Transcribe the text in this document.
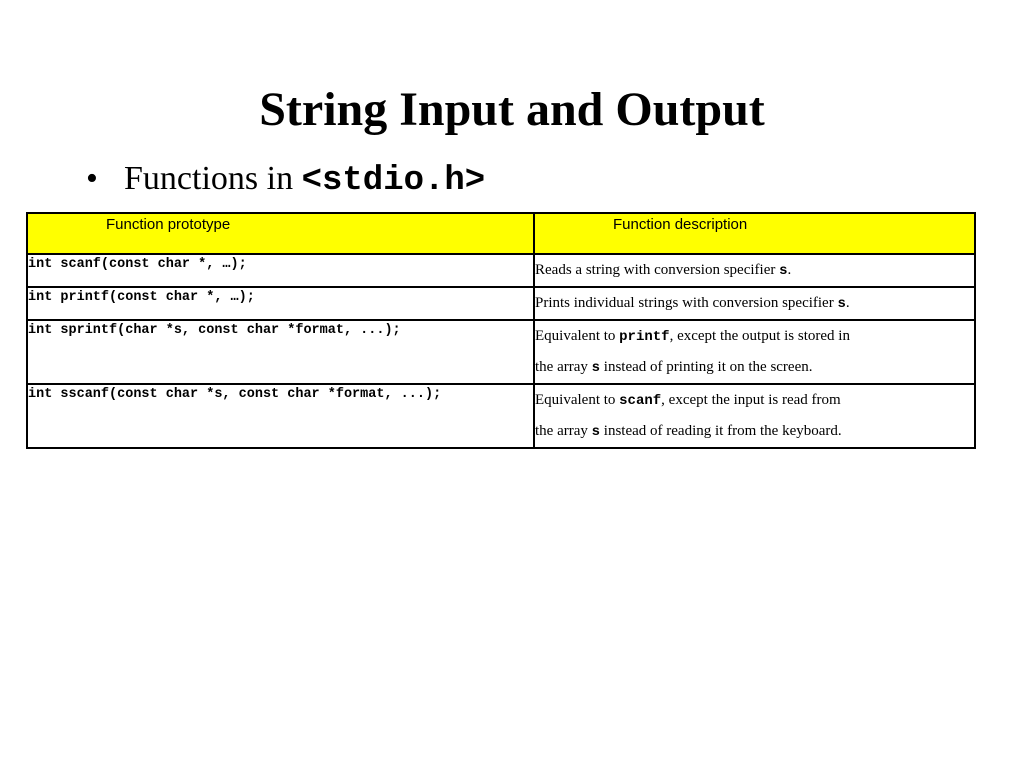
String Input and Output
• Functions in <stdio.h>
Function prototype	Function description
int scanf(const char *, …);	Reads a string with conversion specifier s.
int printf(const char *, …);	Prints individual strings with conversion specifier s.
int sprintf(char *s, const char *format, ...);	Equivalent to printf, except the output is stored in
the array s instead of printing it on the screen.

int sscanf(const char *s, const char *format, ...);	Equivalent to scanf, except the input is read from
the array s instead of reading it from the keyboard.
